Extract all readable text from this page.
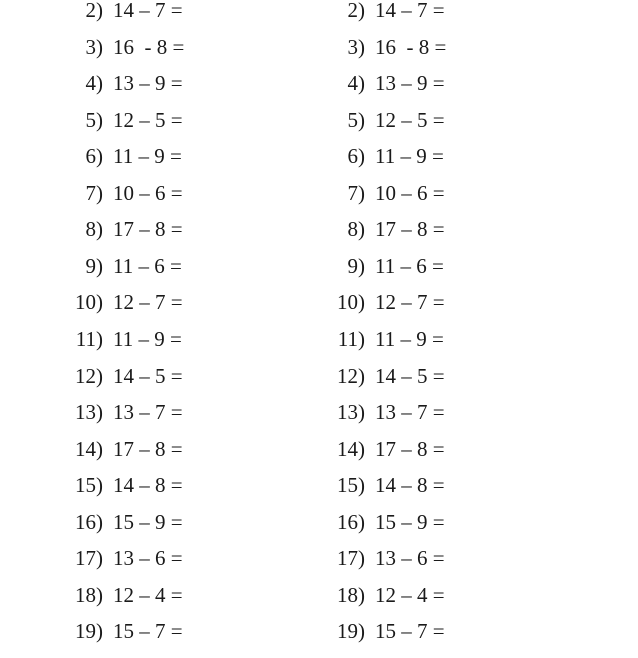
2) 14 – 7 =	2) 14 – 7 =
3) 16  - 8 =	3) 16  - 8 =
4) 13 – 9 =	4) 13 – 9 =
5) 12 – 5 =	5) 12 – 5 =
6) 11 – 9 =	6) 11 – 9 =
7) 10 – 6 =	7) 10 – 6 =
8) 17 – 8 =	8) 17 – 8 =
9) 11 – 6 =	9) 11 – 6 =
10) 12 – 7 =	10) 12 – 7 =
11) 11 – 9 =	11) 11 – 9 =
12) 14 – 5 =	12) 14 – 5 =
13) 13 – 7 =	13) 13 – 7 =
14) 17 – 8 =	14) 17 – 8 =
15) 14 – 8 =	15) 14 – 8 =
16) 15 – 9 =	16) 15 – 9 =
17) 13 – 6 =	17) 13 – 6 =
18) 12 – 4 =	18) 12 – 4 =
19) 15 – 7 =	19) 15 – 7 =
